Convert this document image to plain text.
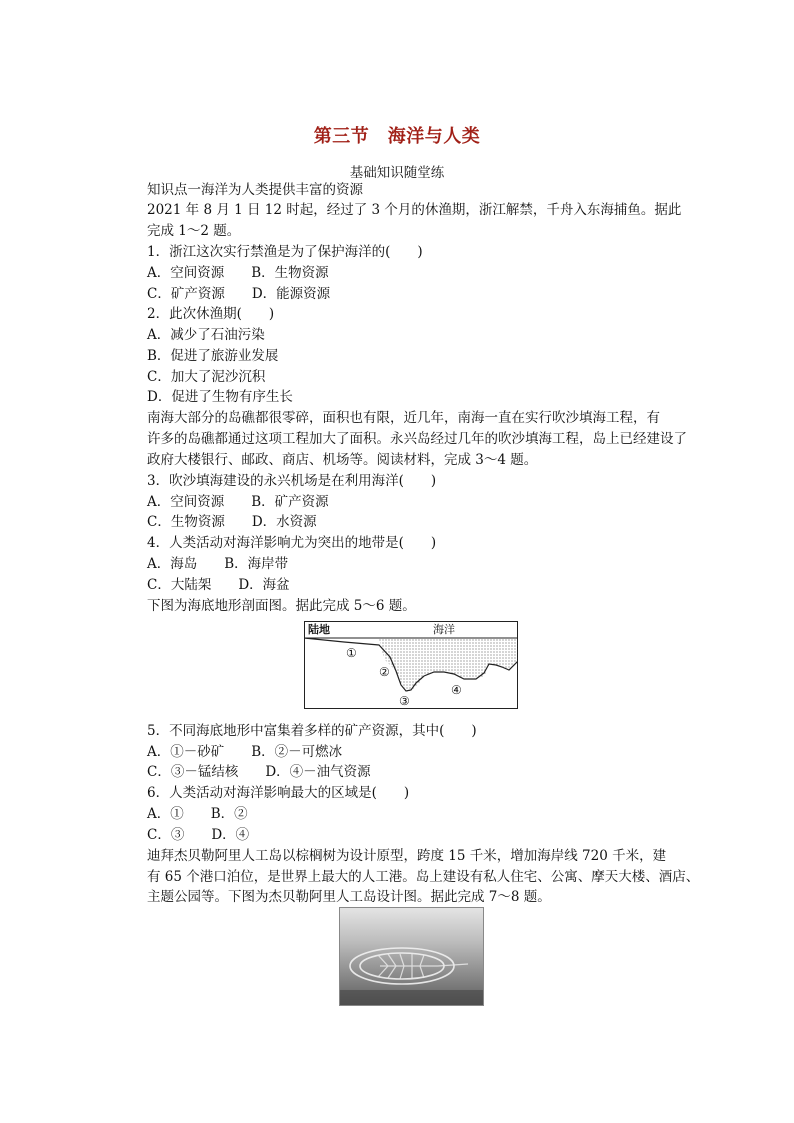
第三节　海洋与人类
基础知识随堂练
知识点一海洋为人类提供丰富的资源
2021 年 8 月 1 日 12 时起，经过了 3 个月的休渔期，浙江解禁，千舟入东海捕鱼。据此
完成 1～2 题。
1．浙江这次实行禁渔是为了保护海洋的(　　)
A．空间资源　　B．生物资源
C．矿产资源　　D．能源资源
2．此次休渔期(　　)
A．减少了石油污染
B．促进了旅游业发展
C．加大了泥沙沉积
D．促进了生物有序生长
南海大部分的岛礁都很零碎，面积也有限，近几年，南海一直在实行吹沙填海工程，有
许多的岛礁都通过这项工程加大了面积。永兴岛经过几年的吹沙填海工程，岛上已经建设了
政府大楼银行、邮政、商店、机场等。阅读材料，完成 3～4 题。
3．吹沙填海建设的永兴机场是在利用海洋(　　)
A．空间资源　　B．矿产资源
C．生物资源　　D．水资源
4．人类活动对海洋影响尤为突出的地带是(　　)
A．海岛　　B．海岸带
C．大陆架　　D．海盆
下图为海底地形剖面图。据此完成 5～6 题。
陆地	海洋
①
②
③
④
5．不同海底地形中富集着多样的矿产资源，其中(　　)
A．①－砂矿　　B．②－可燃冰
C．③－锰结核　　D．④－油气资源
6．人类活动对海洋影响最大的区域是(　　)
A．①　　B．②
C．③　　D．④
迪拜杰贝勒阿里人工岛以棕榈树为设计原型，跨度 15 千米，增加海岸线 720 千米，建
有 65 个港口泊位，是世界上最大的人工港。岛上建设有私人住宅、公寓、摩天大楼、酒店、
主题公园等。下图为杰贝勒阿里人工岛设计图。据此完成 7～8 题。
